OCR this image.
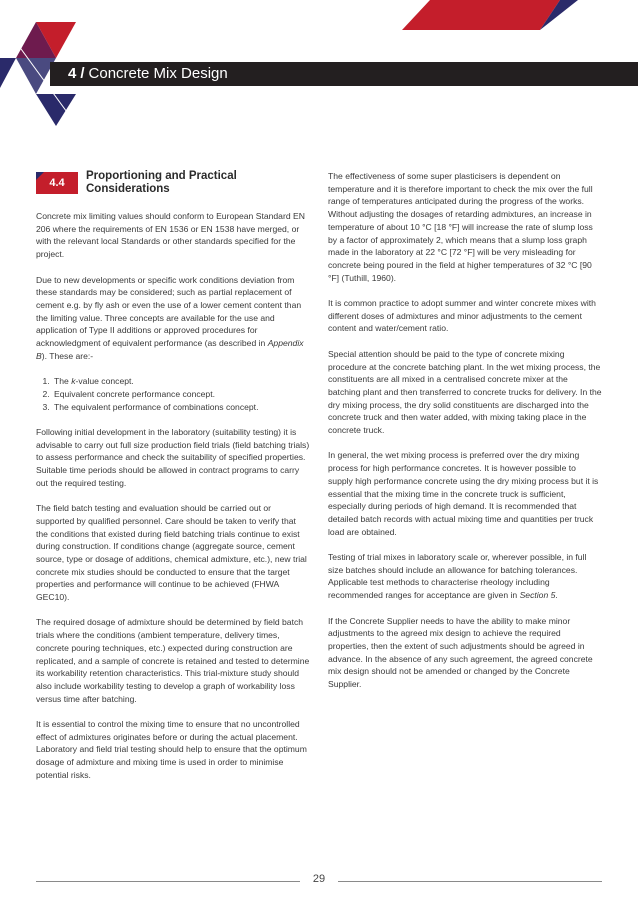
4 / Concrete Mix Design
4.4
Proportioning and Practical Considerations

Concrete mix limiting values should conform to European Standard EN 206 where the requirements of EN 1536 or EN 1538 have merged, or with the relevant local Standards or other standards specified for the project.

Due to new developments or specific work conditions deviation from these standards may be considered; such as partial replacement of cement e.g. by fly ash or even the use of a lower cement content than the limiting value. Three concepts are available for the use and application of Type II additions or approved procedures for acknowledgment of equivalent performance (as described in Appendix B). These are:-

1. The k-value concept.
2. Equivalent concrete performance concept.
3. The equivalent performance of combinations concept.

Following initial development in the laboratory (suitability testing) it is advisable to carry out full size production field trials (field batching trials) to assess performance and check the suitability of specified properties. Suitable time periods should be allowed in contract programs to carry out the required testing.

The field batch testing and evaluation should be carried out or supported by qualified personnel. Care should be taken to verify that the conditions that existed during field batching trials continue to exist during construction. If conditions change (aggregate source, cement source, type or dosage of additions, chemical admixture, etc.), new trial concrete mix studies should be conducted to ensure that the target properties and performance will continue to be achieved (FHWA GEC10).

The required dosage of admixture should be determined by field batch trials where the conditions (ambient temperature, delivery times, concrete pouring techniques, etc.) expected during construction are replicated, and a sample of concrete is retained and tested to determine its workability retention characteristics. This trial-mixture study should also include workability testing to develop a graph of workability loss versus time after batching.

It is essential to control the mixing time to ensure that no uncontrolled effect of admixtures originates before or during the actual placement. Laboratory and field trial testing should help to ensure that the optimum dosage of admixture and mixing time is used in order to minimise potential risks.

The effectiveness of some super plasticisers is dependent on temperature and it is therefore important to check the mix over the full range of temperatures anticipated during the progress of the works. Without adjusting the dosages of retarding admixtures, an increase in temperature of about 10 °C [18 °F] will increase the rate of slump loss by a factor of approximately 2, which means that a slump loss graph made in the laboratory at 22 °C [72 °F] will be very misleading for concrete being poured in the field at higher temperatures of 32 °C [90 °F] (Tuthill, 1960).

It is common practice to adopt summer and winter concrete mixes with different doses of admixtures and minor adjustments to the cement content and water/cement ratio.

Special attention should be paid to the type of concrete mixing procedure at the concrete batching plant. In the wet mixing process, the constituents are all mixed in a centralised concrete mixer at the batching plant and then transferred to concrete trucks for delivery. In the dry mixing process, the dry solid constituents are discharged into the concrete truck and then water added, with mixing taking place in the concrete truck.

In general, the wet mixing process is preferred over the dry mixing process for high performance concretes. It is however possible to supply high performance concrete using the dry mixing process but it is essential that the mixing time in the concrete truck is sufficient, especially during periods of high demand. It is recommended that detailed batch records with actual mixing time and quantities per truck load are obtained.

Testing of trial mixes in laboratory scale or, wherever possible, in full size batches should include an allowance for batching tolerances. Applicable test methods to characterise rheology including recommended ranges for acceptance are given in Section 5.

If the Concrete Supplier needs to have the ability to make minor adjustments to the agreed mix design to achieve the required properties, then the extent of such adjustments should be agreed in advance. In the absence of any such agreement, the agreed concrete mix design should not be amended or changed by the Concrete Supplier.

29
